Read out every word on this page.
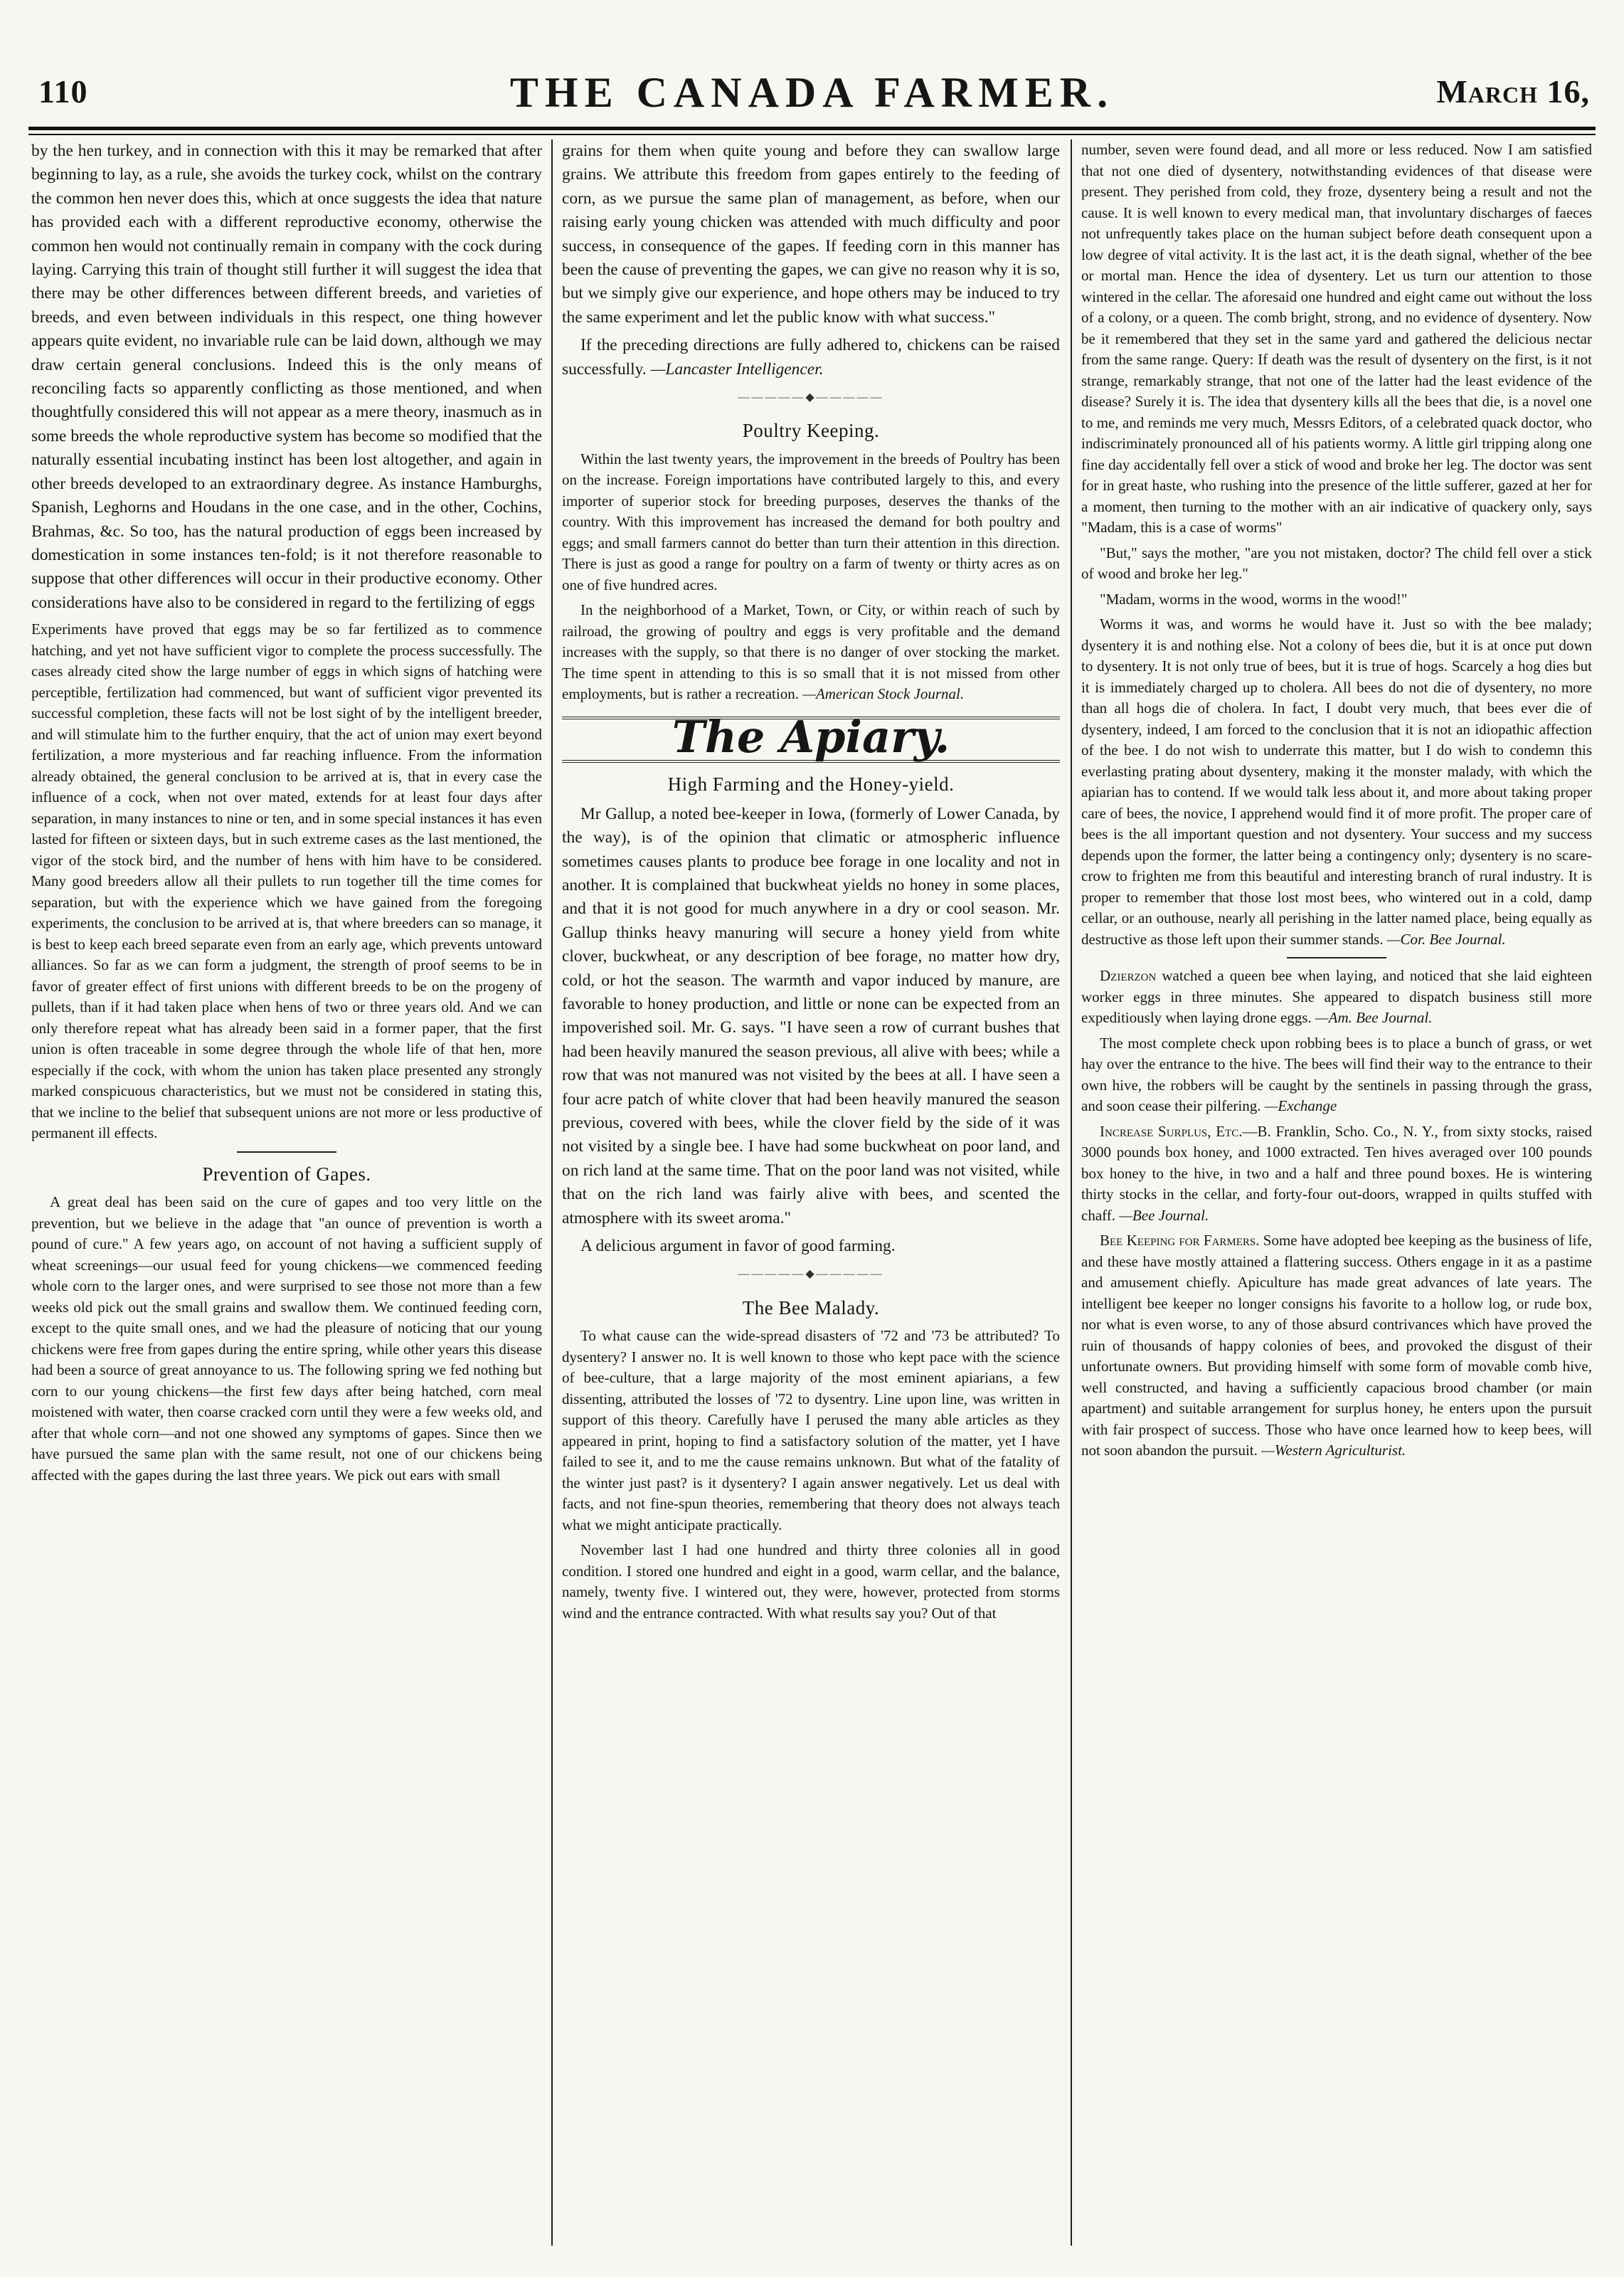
110	THE CANADA FARMER.	March 16,

by the hen turkey, and in connection with this it may be remarked that after beginning to lay, as a rule, she avoids the turkey cock, whilst on the contrary the common hen never does this, which at once suggests the idea that nature has provided each with a different reproductive economy, otherwise the common hen would not continually remain in company with the cock during laying. Carrying this train of thought still further it will suggest the idea that there may be other differences between different breeds, and varieties of breeds, and even between individuals in this respect, one thing however appears quite evident, no invariable rule can be laid down, although we may draw certain general conclusions. Indeed this is the only means of reconciling facts so apparently conflicting as those mentioned, and when thoughtfully considered this will not appear as a mere theory, inasmuch as in some breeds the whole reproductive system has become so modified that the naturally essential incubating instinct has been lost altogether, and again in other breeds developed to an extraordinary degree. As instance Hamburghs, Spanish, Leghorns and Houdans in the one case, and in the other, Cochins, Brahmas, &c. So too, has the natural production of eggs been increased by domestication in some instances ten-fold; is it not therefore reasonable to suppose that other differences will occur in their productive economy. Other considerations have also to be considered in regard to the fertilizing of eggs

Experiments have proved that eggs may be so far fertilized as to commence hatching, and yet not have sufficient vigor to complete the process successfully. The cases already cited show the large number of eggs in which signs of hatching were perceptible, fertilization had commenced, but want of sufficient vigor prevented its successful completion, these facts will not be lost sight of by the intelligent breeder, and will stimulate him to the further enquiry, that the act of union may exert beyond fertilization, a more mysterious and far reaching influence. From the information already obtained, the general conclusion to be arrived at is, that in every case the influence of a cock, when not over mated, extends for at least four days after separation, in many instances to nine or ten, and in some special instances it has even lasted for fifteen or sixteen days, but in such extreme cases as the last mentioned, the vigor of the stock bird, and the number of hens with him have to be considered. Many good breeders allow all their pullets to run together till the time comes for separation, but with the experience which we have gained from the foregoing experiments, the conclusion to be arrived at is, that where breeders can so manage, it is best to keep each breed separate even from an early age, which prevents untoward alliances. So far as we can form a judgment, the strength of proof seems to be in favor of greater effect of first unions with different breeds to be on the progeny of pullets, than if it had taken place when hens of two or three years old. And we can only therefore repeat what has already been said in a former paper, that the first union is often traceable in some degree through the whole life of that hen, more especially if the cock, with whom the union has taken place presented any strongly marked conspicuous characteristics, but we must not be considered in stating this, that we incline to the belief that subsequent unions are not more or less productive of permanent ill effects.

Prevention of Gapes.

A great deal has been said on the cure of gapes and too very little on the prevention, but we believe in the adage that "an ounce of prevention is worth a pound of cure." A few years ago, on account of not having a sufficient supply of wheat screenings—our usual feed for young chickens—we commenced feeding whole corn to the larger ones, and were surprised to see those not more than a few weeks old pick out the small grains and swallow them. We continued feeding corn, except to the quite small ones, and we had the pleasure of noticing that our young chickens were free from gapes during the entire spring, while other years this disease had been a source of great annoyance to us. The following spring we fed nothing but corn to our young chickens—the first few days after being hatched, corn meal moistened with water, then coarse cracked corn until they were a few weeks old, and after that whole corn—and not one showed any symptoms of gapes. Since then we have pursued the same plan with the same result, not one of our chickens being affected with the gapes during the last three years. We pick out ears with small

grains for them when quite young and before they can swallow large grains. We attribute this freedom from gapes entirely to the feeding of corn, as we pursue the same plan of management, as before, when our raising early young chicken was attended with much difficulty and poor success, in consequence of the gapes. If feeding corn in this manner has been the cause of preventing the gapes, we can give no reason why it is so, but we simply give our experience, and hope others may be induced to try the same experiment and let the public know with what success."

If the preceding directions are fully adhered to, chickens can be raised successfully. —Lancaster Intelligencer.

—————◆—————
Poultry Keeping.

Within the last twenty years, the improvement in the breeds of Poultry has been on the increase. Foreign importations have contributed largely to this, and every importer of superior stock for breeding purposes, deserves the thanks of the country. With this improvement has increased the demand for both poultry and eggs; and small farmers cannot do better than turn their attention in this direction. There is just as good a range for poultry on a farm of twenty or thirty acres as on one of five hundred acres.

In the neighborhood of a Market, Town, or City, or within reach of such by railroad, the growing of poultry and eggs is very profitable and the demand increases with the supply, so that there is no danger of over stocking the market. The time spent in attending to this is so small that it is not missed from other employments, but is rather a recreation. —American Stock Journal.

The Apiary.
High Farming and the Honey-yield.

Mr Gallup, a noted bee-keeper in Iowa, (formerly of Lower Canada, by the way), is of the opinion that climatic or atmospheric influence sometimes causes plants to produce bee forage in one locality and not in another. It is complained that buckwheat yields no honey in some places, and that it is not good for much anywhere in a dry or cool season. Mr. Gallup thinks heavy manuring will secure a honey yield from white clover, buckwheat, or any description of bee forage, no matter how dry, cold, or hot the season. The warmth and vapor induced by manure, are favorable to honey production, and little or none can be expected from an impoverished soil. Mr. G. says. "I have seen a row of currant bushes that had been heavily manured the season previous, all alive with bees; while a row that was not manured was not visited by the bees at all. I have seen a four acre patch of white clover that had been heavily manured the season previous, covered with bees, while the clover field by the side of it was not visited by a single bee. I have had some buckwheat on poor land, and on rich land at the same time. That on the poor land was not visited, while that on the rich land was fairly alive with bees, and scented the atmosphere with its sweet aroma."

A delicious argument in favor of good farming.

—————◆—————
The Bee Malady.

To what cause can the wide-spread disasters of '72 and '73 be attributed? To dysentery? I answer no. It is well known to those who kept pace with the science of bee-culture, that a large majority of the most eminent apiarians, a few dissenting, attributed the losses of '72 to dysentry. Line upon line, was written in support of this theory. Carefully have I perused the many able articles as they appeared in print, hoping to find a satisfactory solution of the matter, yet I have failed to see it, and to me the cause remains unknown. But what of the fatality of the winter just past? is it dysentery? I again answer negatively. Let us deal with facts, and not fine-spun theories, remembering that theory does not always teach what we might anticipate practically.

November last I had one hundred and thirty three colonies all in good condition. I stored one hundred and eight in a good, warm cellar, and the balance, namely, twenty five. I wintered out, they were, however, protected from storms wind and the entrance contracted. With what results say you? Out of that

number, seven were found dead, and all more or less reduced. Now I am satisfied that not one died of dysentery, notwithstanding evidences of that disease were present. They perished from cold, they froze, dysentery being a result and not the cause. It is well known to every medical man, that involuntary discharges of faeces not unfrequently takes place on the human subject before death consequent upon a low degree of vital activity. It is the last act, it is the death signal, whether of the bee or mortal man. Hence the idea of dysentery. Let us turn our attention to those wintered in the cellar. The aforesaid one hundred and eight came out without the loss of a colony, or a queen. The comb bright, strong, and no evidence of dysentery. Now be it remembered that they set in the same yard and gathered the delicious nectar from the same range. Query: If death was the result of dysentery on the first, is it not strange, remarkably strange, that not one of the latter had the least evidence of the disease? Surely it is. The idea that dysentery kills all the bees that die, is a novel one to me, and reminds me very much, Messrs Editors, of a celebrated quack doctor, who indiscriminately pronounced all of his patients wormy. A little girl tripping along one fine day accidentally fell over a stick of wood and broke her leg. The doctor was sent for in great haste, who rushing into the presence of the little sufferer, gazed at her for a moment, then turning to the mother with an air indicative of quackery only, says "Madam, this is a case of worms"

"But," says the mother, "are you not mistaken, doctor? The child fell over a stick of wood and broke her leg."

"Madam, worms in the wood, worms in the wood!"

Worms it was, and worms he would have it. Just so with the bee malady; dysentery it is and nothing else. Not a colony of bees die, but it is at once put down to dysentery. It is not only true of bees, but it is true of hogs. Scarcely a hog dies but it is immediately charged up to cholera. All bees do not die of dysentery, no more than all hogs die of cholera. In fact, I doubt very much, that bees ever die of dysentery, indeed, I am forced to the conclusion that it is not an idiopathic affection of the bee. I do not wish to underrate this matter, but I do wish to condemn this everlasting prating about dysentery, making it the monster malady, with which the apiarian has to contend. If we would talk less about it, and more about taking proper care of bees, the novice, I apprehend would find it of more profit. The proper care of bees is the all important question and not dysentery. Your success and my success depends upon the former, the latter being a contingency only; dysentery is no scare-crow to frighten me from this beautiful and interesting branch of rural industry. It is proper to remember that those lost most bees, who wintered out in a cold, damp cellar, or an outhouse, nearly all perishing in the latter named place, being equally as destructive as those left upon their summer stands. —Cor. Bee Journal.

Dzierzon watched a queen bee when laying, and noticed that she laid eighteen worker eggs in three minutes. She appeared to dispatch business still more expeditiously when laying drone eggs. —Am. Bee Journal.

The most complete check upon robbing bees is to place a bunch of grass, or wet hay over the entrance to the hive. The bees will find their way to the entrance to their own hive, the robbers will be caught by the sentinels in passing through the grass, and soon cease their pilfering. —Exchange

Increase Surplus, Etc.—B. Franklin, Scho. Co., N. Y., from sixty stocks, raised 3000 pounds box honey, and 1000 extracted. Ten hives averaged over 100 pounds box honey to the hive, in two and a half and three pound boxes. He is wintering thirty stocks in the cellar, and forty-four out-doors, wrapped in quilts stuffed with chaff. —Bee Journal.

Bee Keeping for Farmers. Some have adopted bee keeping as the business of life, and these have mostly attained a flattering success. Others engage in it as a pastime and amusement chiefly. Apiculture has made great advances of late years. The intelligent bee keeper no longer consigns his favorite to a hollow log, or rude box, nor what is even worse, to any of those absurd contrivances which have proved the ruin of thousands of happy colonies of bees, and provoked the disgust of their unfortunate owners. But providing himself with some form of movable comb hive, well constructed, and having a sufficiently capacious brood chamber (or main apartment) and suitable arrangement for surplus honey, he enters upon the pursuit with fair prospect of success. Those who have once learned how to keep bees, will not soon abandon the pursuit. —Western Agriculturist.
